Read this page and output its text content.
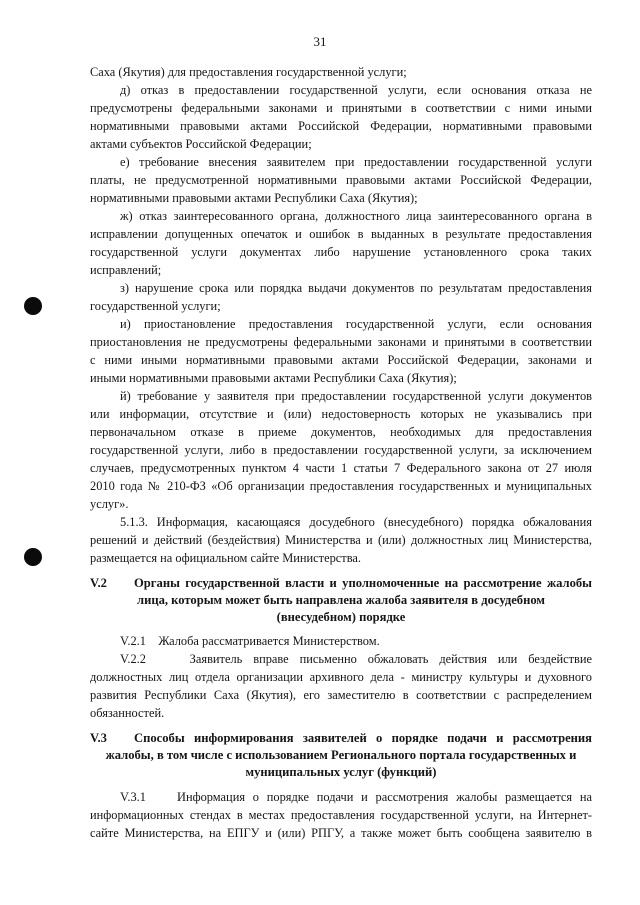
31
Саха (Якутия) для предоставления государственной услуги;
д) отказ в предоставлении государственной услуги, если основания отказа не
предусмотрены федеральными законами и принятыми в соответствии с ними иными
нормативными правовыми актами Российской Федерации, нормативными правовыми
актами субъектов Российской Федерации;
е) требование внесения заявителем при предоставлении государственной услуги
платы, не предусмотренной нормативными правовыми актами Российской Федерации,
нормативными правовыми актами Республики Саха (Якутия);
ж) отказ заинтересованного органа, должностного лица заинтересованного органа в
исправлении допущенных опечаток и ошибок в выданных в результате предоставления
государственной услуги документах либо нарушение установленного срока таких
исправлений;
з) нарушение срока или порядка выдачи документов по результатам предоставления
государственной услуги;
и) приостановление предоставления государственной услуги, если основания
приостановления не предусмотрены федеральными законами и принятыми в соответствии
с ними иными нормативными правовыми актами Российской Федерации, законами и
иными нормативными правовыми актами Республики Саха (Якутия);
й) требование у заявителя при предоставлении государственной услуги документов
или информации, отсутствие и (или) недостоверность которых не указывались при
первоначальном отказе в приеме документов, необходимых для предоставления
государственной услуги, либо в предоставлении государственной услуги, за исключением
случаев, предусмотренных пунктом 4 части 1 статьи 7 Федерального закона от 27 июля
2010 года № 210-ФЗ «Об организации предоставления государственных и муниципальных
услуг».
5.1.3. Информация, касающаяся досудебного (внесудебного) порядка обжалования
решений и действий (бездействия) Министерства и (или) должностных лиц Министерства,
размещается на официальном сайте Министерства.
V.2	Органы государственной власти и уполномоченные на рассмотрение жалобы
лица, которым может быть направлена жалоба заявителя в досудебном
(внесудебном) порядке
V.2.1    Жалоба рассматривается Министерством.
V.2.2    Заявитель вправе письменно обжаловать действия или бездействие
должностных лиц отдела организации архивного дела - министру культуры и духовного
развития Республики Саха (Якутия), его заместителю в соответствии с распределением
обязанностей.
V.3	Способы информирования заявителей о порядке подачи и рассмотрения
жалобы, в том числе с использованием Регионального портала государственных и
муниципальных услуг (функций)
V.3.1    Информация о порядке подачи и рассмотрения жалобы размещается на
информационных стендах в местах предоставления государственной услуги, на Интернет-
сайте Министерства, на ЕПГУ и (или) РПГУ, а также может быть сообщена заявителю в
